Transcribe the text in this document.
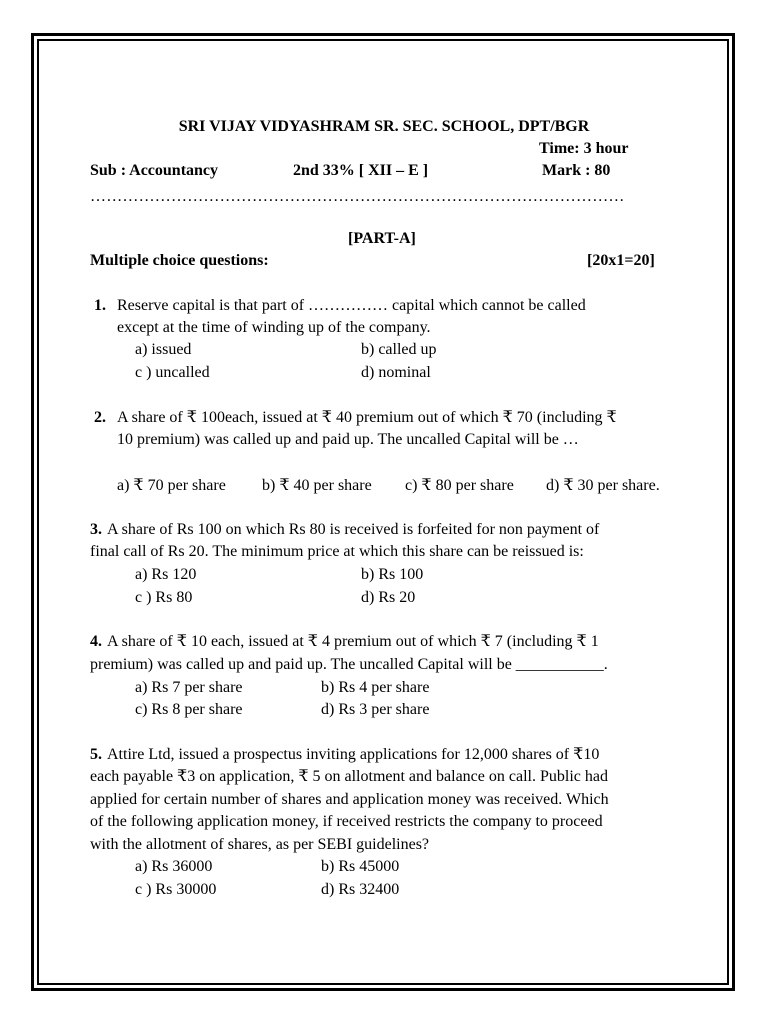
SRI VIJAY VIDYASHRAM SR. SEC. SCHOOL, DPT/BGR
Time: 3 hour
Sub : Accountancy	2nd 33% [ XII – E ]	Mark : 80
………………………………………………………………………………………
[PART-A]
Multiple choice questions:	[20x1=20]
1. Reserve capital is that part of …………… capital which cannot be called
except at the time of winding up of the company.
a) issued	b) called up
c ) uncalled	d) nominal
2. A share of ₹ 100each, issued at ₹ 40 premium out of which ₹ 70 (including ₹
10 premium) was called up and paid up. The uncalled Capital will be …
a) ₹ 70 per share b) ₹ 40 per share c) ₹ 80 per share d) ₹ 30 per share.
3. A share of Rs 100 on which Rs 80 is received is forfeited for non payment of
final call of Rs 20. The minimum price at which this share can be reissued is:
a) Rs 120	b) Rs 100
c ) Rs 80	d) Rs 20
4. A share of ₹ 10 each, issued at ₹ 4 premium out of which ₹ 7 (including ₹ 1
premium) was called up and paid up. The uncalled Capital will be ___________.
a) Rs 7 per share	b) Rs 4 per share
c) Rs 8 per share	d) Rs 3 per share
5. Attire Ltd, issued a prospectus inviting applications for 12,000 shares of ₹10
each payable ₹3 on application, ₹ 5 on allotment and balance on call. Public had
applied for certain number of shares and application money was received. Which
of the following application money, if received restricts the company to proceed
with the allotment of shares, as per SEBI guidelines?
a) Rs 36000	b) Rs 45000
c ) Rs 30000	d) Rs 32400
